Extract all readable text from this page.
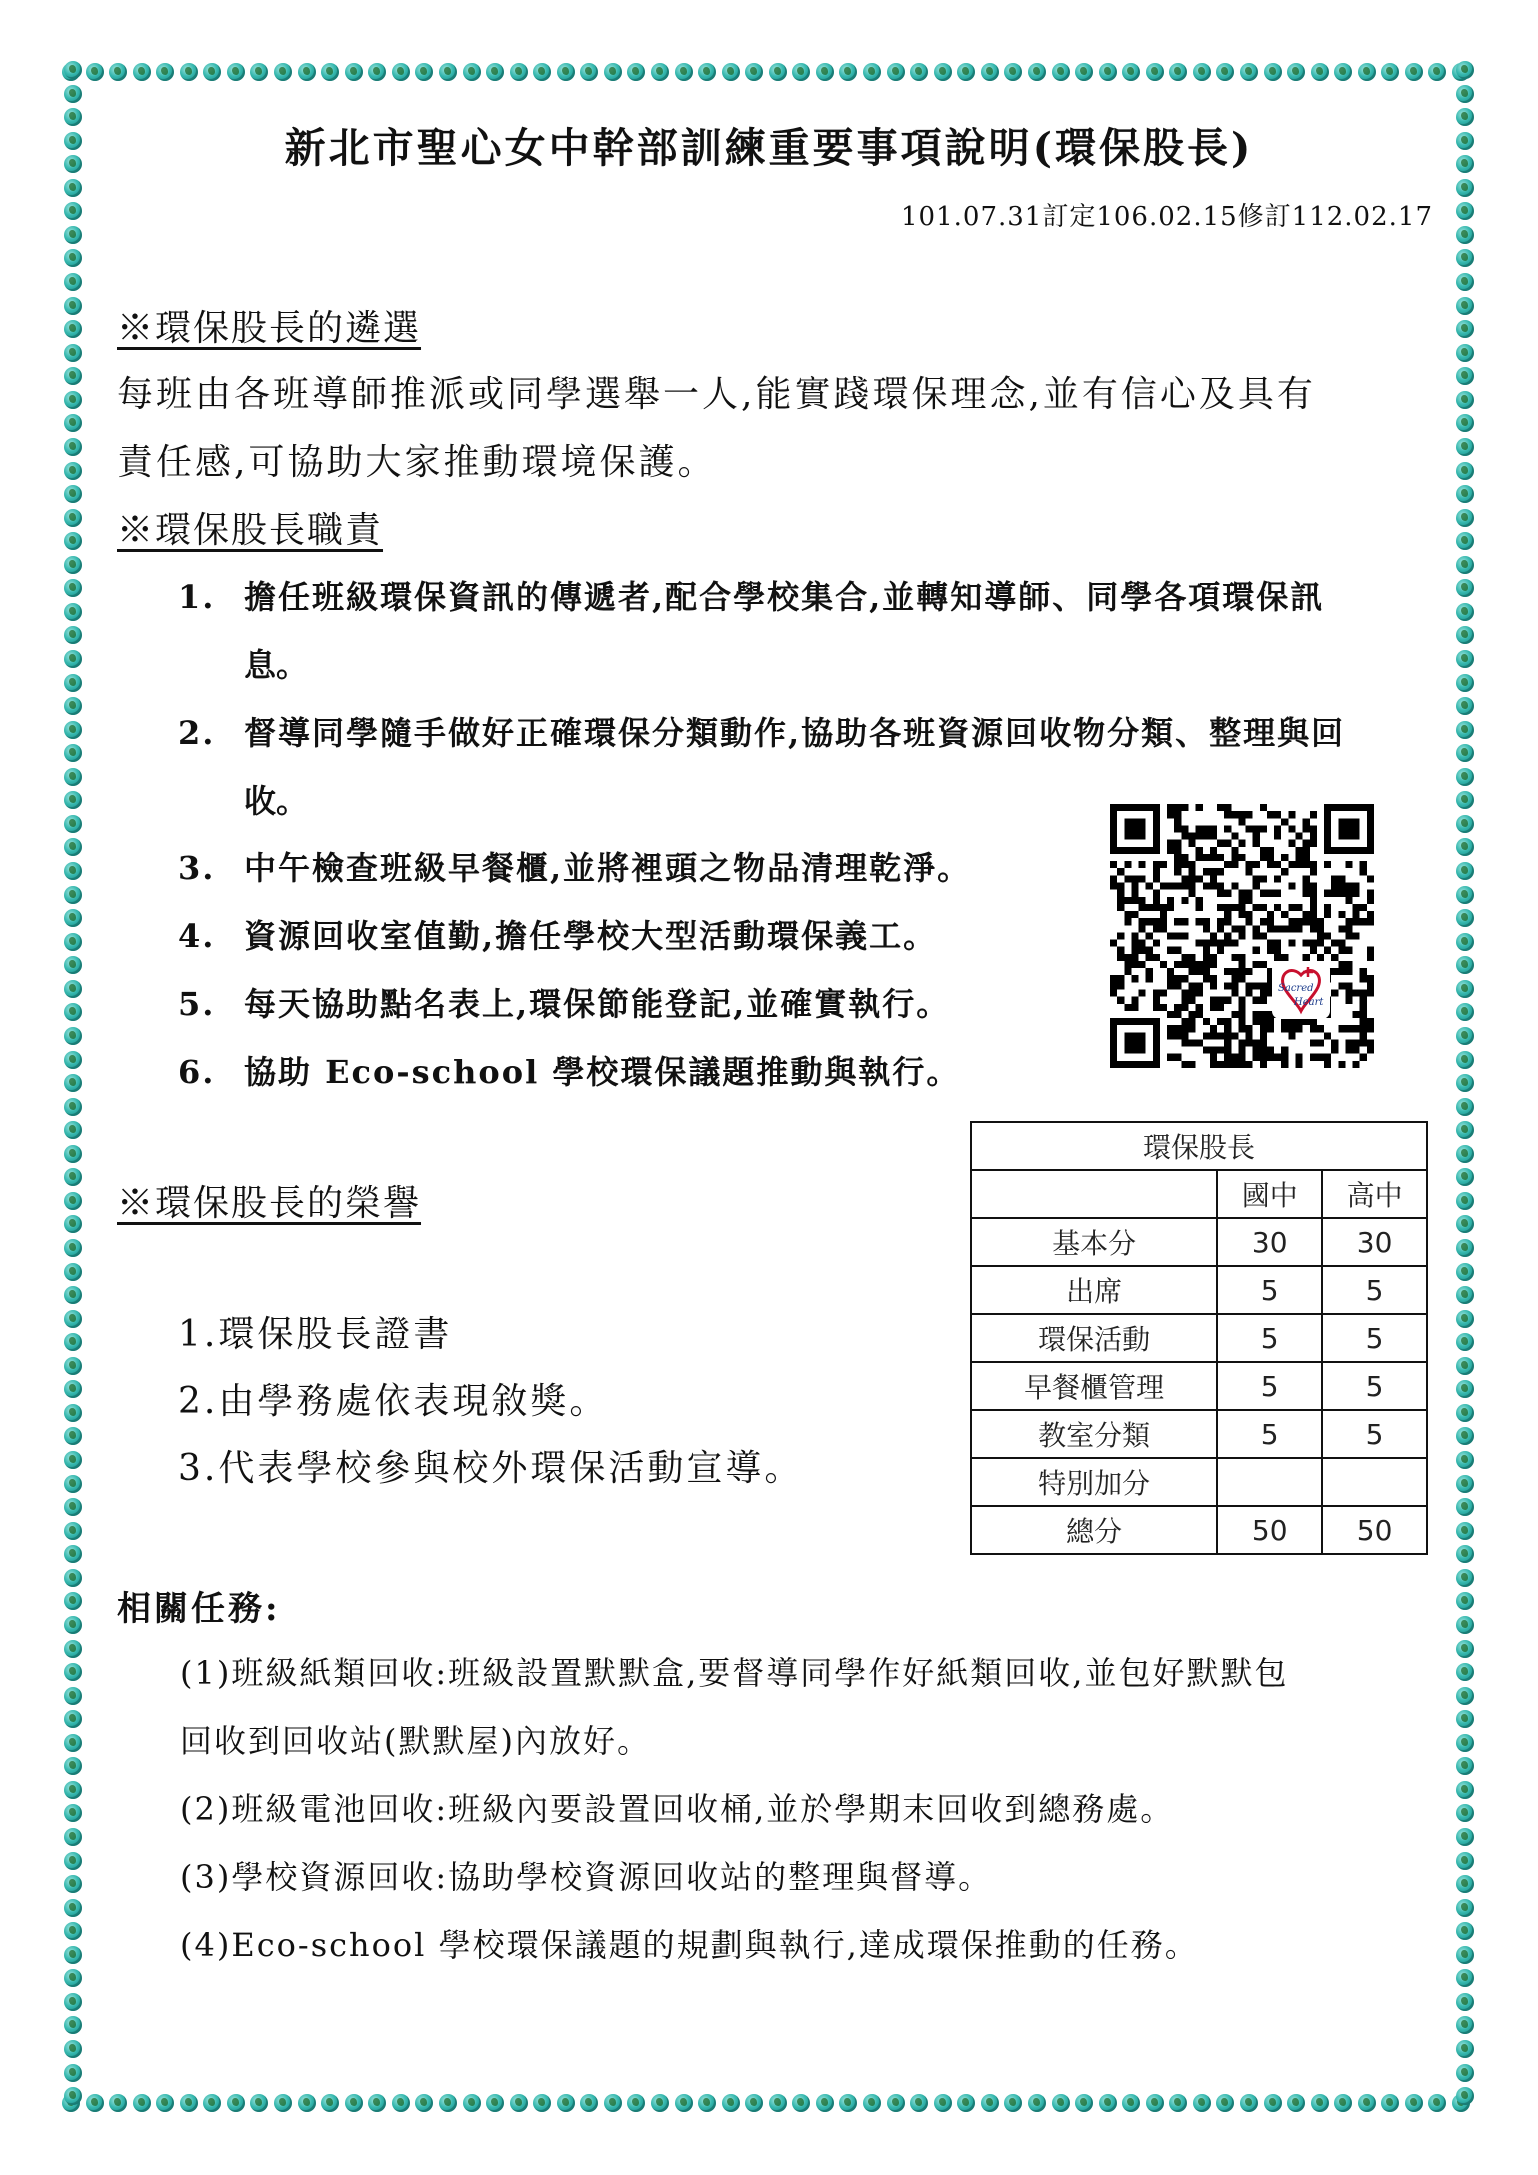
新北市聖心女中幹部訓練重要事項說明(環保股長)
101.07.31訂定106.02.15修訂112.02.17
※環保股長的遴選
每班由各班導師推派或同學選舉一人,能實踐環保理念,並有信心及具有
責任感,可協助大家推動環境保護。
※環保股長職責
1. 擔任班級環保資訊的傳遞者,配合學校集合,並轉知導師、同學各項環保訊
息。
2. 督導同學隨手做好正確環保分類動作,協助各班資源回收物分類、整理與回
收。
3. 中午檢查班級早餐櫃,並將裡頭之物品清理乾淨。
4. 資源回收室值勤,擔任學校大型活動環保義工。
5. 每天協助點名表上,環保節能登記,並確實執行。
6. 協助 Eco-school 學校環保議題推動與執行。
Sacred
Heart
※環保股長的榮譽
1.環保股長證書
2.由學務處依表現敘獎。
3.代表學校參與校外環保活動宣導。
環保股長		
	國中	高中
基本分	30	30
出席	5	5
環保活動	5	5
早餐櫃管理	5	5
教室分類	5	5
特別加分		
總分	50	50
相關任務:
(1)班級紙類回收:班級設置默默盒,要督導同學作好紙類回收,並包好默默包
回收到回收站(默默屋)內放好。
(2)班級電池回收:班級內要設置回收桶,並於學期末回收到總務處。
(3)學校資源回收:協助學校資源回收站的整理與督導。
(4)Eco-school 學校環保議題的規劃與執行,達成環保推動的任務。
